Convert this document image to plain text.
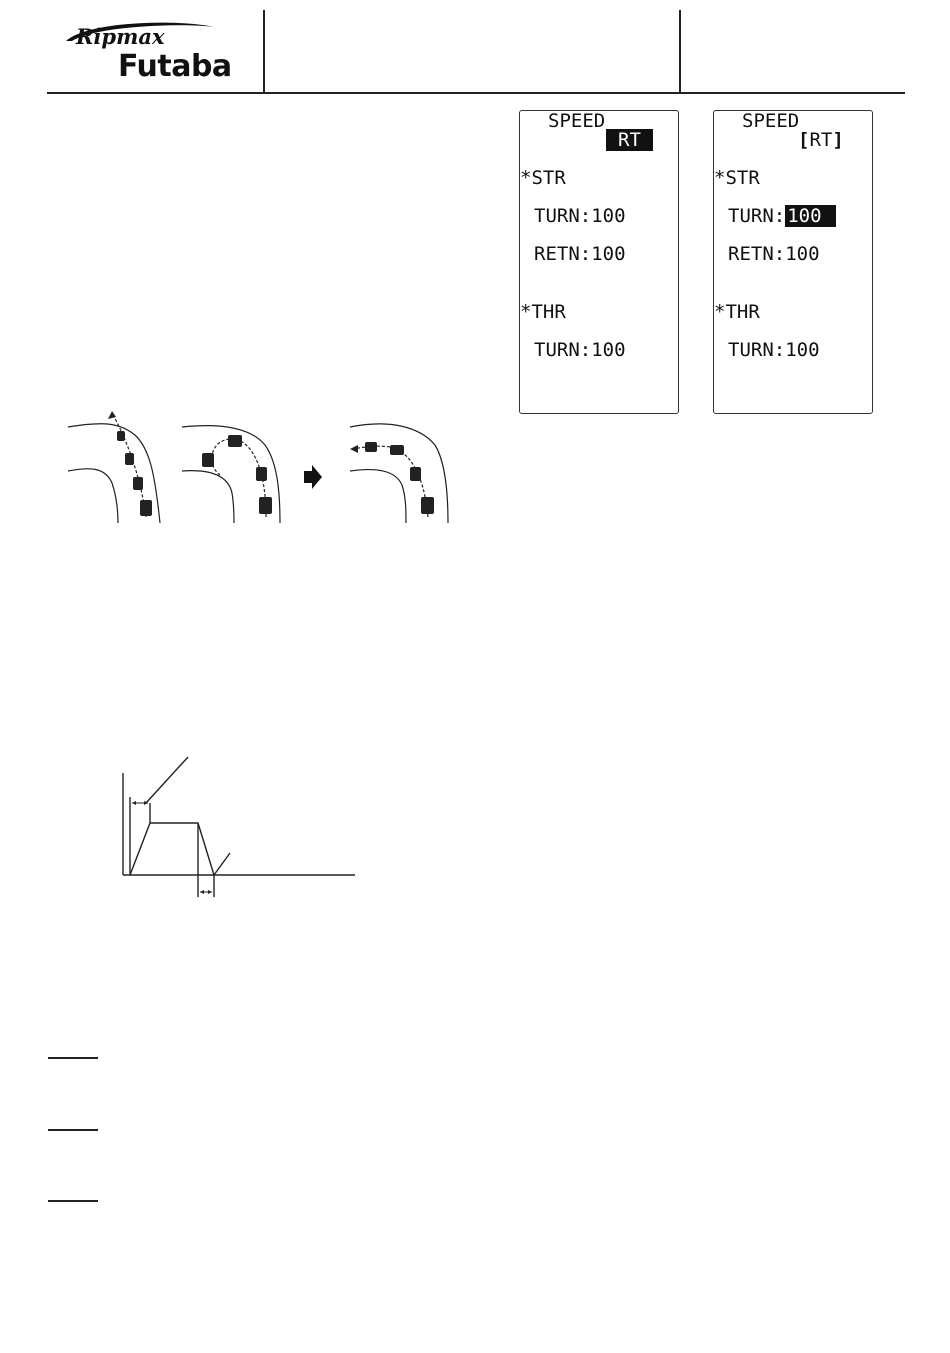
Ripmax
Futaba
SPEED
RT
*STR
TURN:100
RETN:100
*THR
TURN:100
SPEED
[RT]
*STR
TURN: 100
RETN:100
*THR
TURN:100
